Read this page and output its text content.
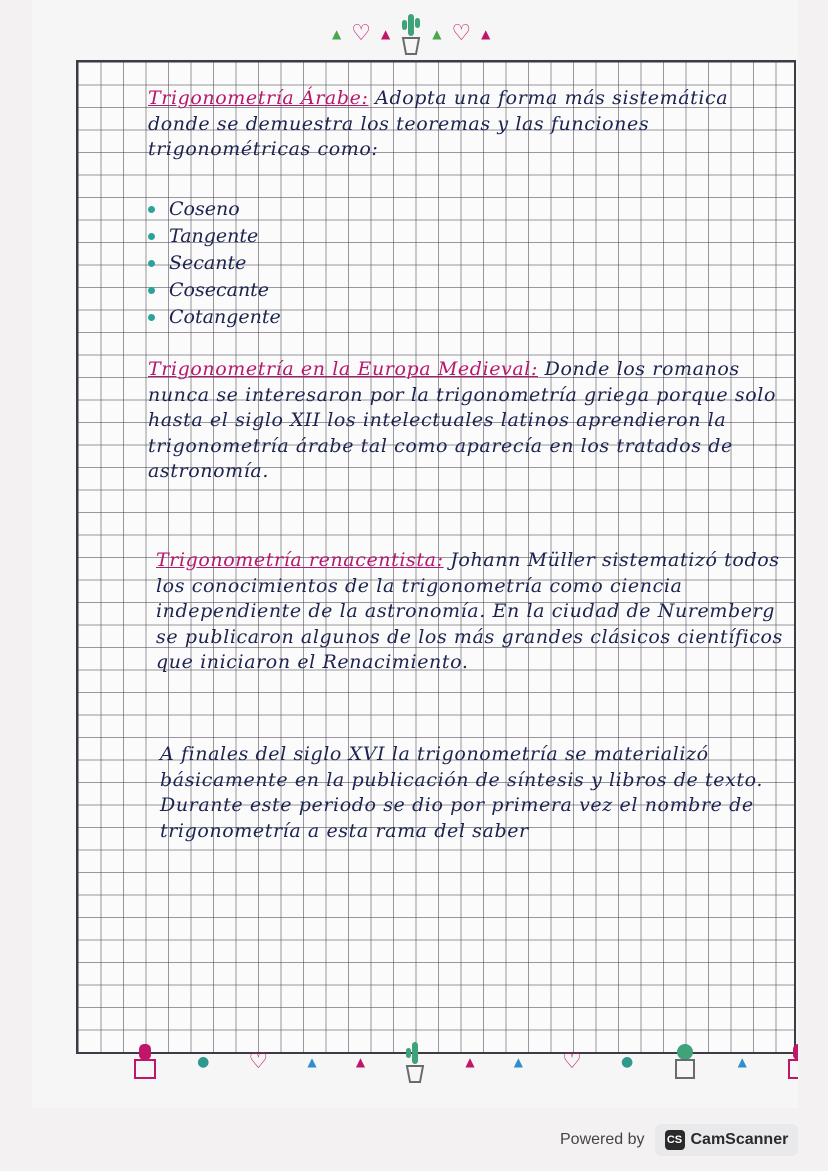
▲ ♡ ▲	▲ ♡ ▲
● ♡	▲	▲	▲	▲ ♡	●	▲
Trigonometría Árabe: Adopta una forma más sistemática donde se demuestra los teoremas y las funciones trigonométricas como:
Coseno
Tangente
Secante
Cosecante
Cotangente
Trigonometría en la Europa Medieval: Donde los romanos nunca se interesaron por la trigonometría griega porque solo hasta el siglo XII los intelectuales latinos aprendieron la trigonometría árabe tal como aparecía en los tratados de astronomía.
Trigonometría renacentista: Johann Müller sistematizó todos los conocimientos de la trigonometría como ciencia independiente de la astronomía. En la ciudad de Nuremberg se publicaron algunos de los más grandes clásicos científicos que iniciaron el Renacimiento.
A finales del siglo XVI la trigonometría se materializó básicamente en la publicación de síntesis y libros de texto. Durante este periodo se dio por primera vez el nombre de trigonometría a esta rama del saber
Powered by CS CamScanner
